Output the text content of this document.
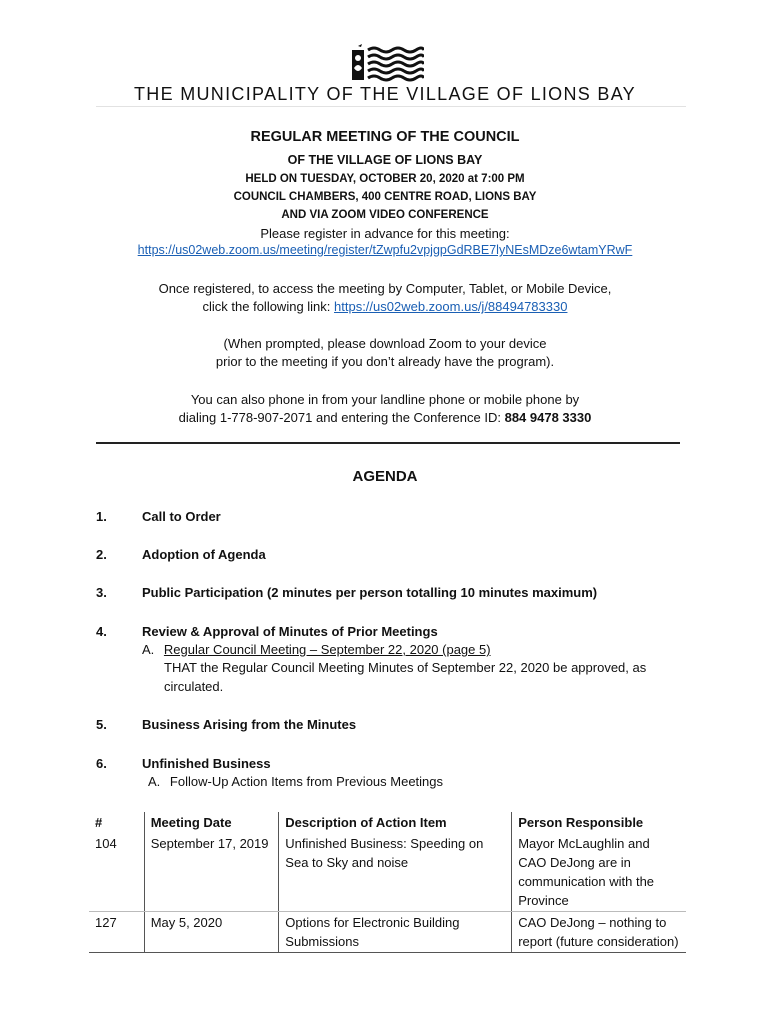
THE MUNICIPALITY OF THE VILLAGE OF LIONS BAY
REGULAR MEETING OF THE COUNCIL
OF THE VILLAGE OF LIONS BAY
HELD ON TUESDAY, OCTOBER 20, 2020 at 7:00 PM
COUNCIL CHAMBERS, 400 CENTRE ROAD, LIONS BAY
AND VIA ZOOM VIDEO CONFERENCE
Please register in advance for this meeting:
https://us02web.zoom.us/meeting/register/tZwpfu2vpjgpGdRBE7lyNEsMDze6wtamYRwF
Once registered, to access the meeting by Computer, Tablet, or Mobile Device,
click the following link: https://us02web.zoom.us/j/88494783330
(When prompted, please download Zoom to your device
prior to the meeting if you don’t already have the program).
You can also phone in from your landline phone or mobile phone by
dialing 1-778-907-2071 and entering the Conference ID: 884 9478 3330
AGENDA
1.	Call to Order
2.	Adoption of Agenda
3.	Public Participation (2 minutes per person totalling 10 minutes maximum)
4.	Review & Approval of Minutes of Prior Meetings
A. Regular Council Meeting – September 22, 2020 (page 5)
THAT the Regular Council Meeting Minutes of September 22, 2020 be approved, as
circulated.
5.	Business Arising from the Minutes
6.	Unfinished Business
A. Follow-Up Action Items from Previous Meetings
#	Meeting Date	Description of Action Item	Person Responsible
104	September 17, 2019	Unfinished Business: Speeding on Sea to Sky and noise	Mayor McLaughlin and CAO DeJong are in communication with the Province
127	May 5, 2020	Options for Electronic Building Submissions	CAO DeJong – nothing to report (future consideration)
